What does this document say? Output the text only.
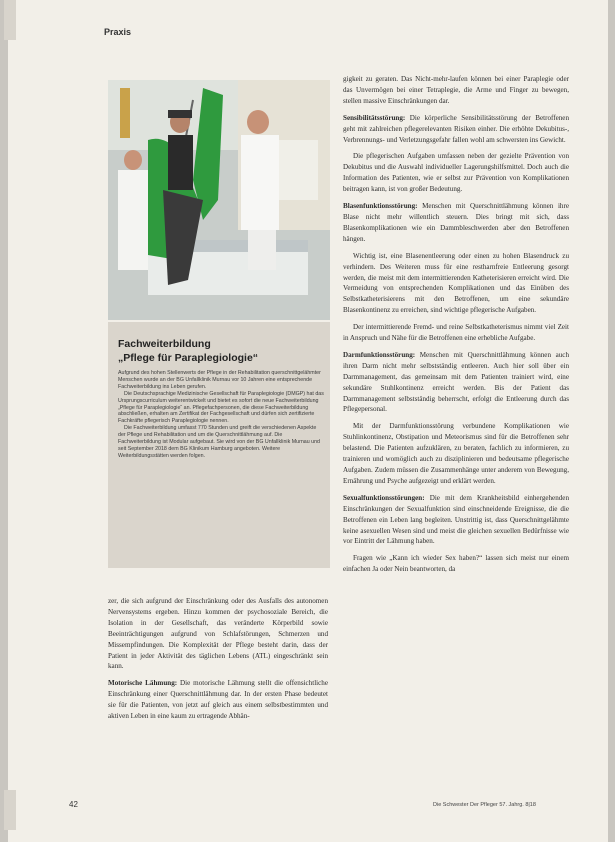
Praxis
Fachweiterbildung
„Pflege für Paraplegiologie“

Aufgrund des hohen Stellenwerts der Pflege in der Rehabilitation querschnittgelähmter Menschen wurde an der BG Unfallklinik Murnau vor 10 Jahren eine entsprechende Fachweiterbildung ins Leben gerufen.

Die Deutschsprachige Medizinische Gesellschaft für Paraplegiologie (DMGP) hat das Ursprungscurriculum weiterentwickelt und bietet es sofort die neue Fachweiterbildung „Pflege für Paraplegiologie“ an. Pflegefachpersonen, die diese Fachweiterbildung abschließen, erhalten am Zertifikat der Fachgesellschaft und dürfen sich zertifizierte Fachkräfte pflegerisch Paraplegiologie nennen.

Die Fachweiterbildung umfasst 770 Stunden und greift die verschiedenen Aspekte der Pflege und Rehabilitation und um die Querschnittlähmung auf. Die Fachweiterbildung ist Modular aufgebaut. Sie wird von der BG Unfallklinik Murnau und seit September 2018 dem BG Klinikum Hamburg angeboten. Weitere Weiterbildungsstätten werden folgen.

zer, die sich aufgrund der Einschränkung oder des Ausfalls des autonomen Nervensystems ergeben. Hinzu kommen der psychosoziale Bereich, die Isolation in der Gesellschaft, das veränderte Körperbild sowie Beeinträchtigungen aufgrund von Schlafstörungen, Schmerzen und Missempfindungen. Die Komplexität der Pflege besteht darin, dass der Patient in jeder Aktivität des täglichen Lebens (ATL) eingeschränkt sein kann.

Motorische Lähmung: Die motorische Lähmung stellt die offensichtliche Einschränkung einer Querschnittlähmung dar. In der ersten Phase bedeutet sie für die Patienten, von jetzt auf gleich aus einem selbstbestimmten und aktiven Leben in eine kaum zu ertragende Abhän-

gigkeit zu geraten. Das Nicht-mehr-laufen können bei einer Paraplegie oder das Unvermögen bei einer Tetraplegie, die Arme und Finger zu bewegen, stellen massive Einschränkungen dar.

Sensibilitätsstörung: Die körperliche Sensibilitätsstörung der Betroffenen geht mit zahlreichen pflegerelevanten Risiken einher. Die erhöhte Dekubitus-, Verbrennungs- und Verletzungsgefahr fallen wohl am schwersten ins Gewicht.

Die pflegerischen Aufgaben umfassen neben der gezielte Prävention von Dekubitus und die Auswahl individueller Lagerungshilfsmittel. Doch auch die Information des Patienten, wie er selbst zur Prävention von Komplikationen beitragen kann, ist von großer Bedeutung.

Blasenfunktionsstörung: Menschen mit Querschnittlähmung können ihre Blase nicht mehr willentlich steuern. Dies bringt mit sich, dass Blasenkomplikationen wie ein Dammbleschwerden aber den Betroffenen hängen.

Wichtig ist, eine Blasenentleerung oder einen zu hohen Blasendruck zu verhindern. Des Weiteren muss für eine restharnfreie Entleerung gesorgt werden, die meist mit dem intermittierenden Katheterisieren erreicht wird. Die Vermeidung von entsprechenden Komplikationen und das Einüben des Selbstkatheterisierens mit den Betroffenen, um eine sekundäre Blasenkontinenz zu erreichen, sind wichtige pflegerische Aufgaben.

Der intermittierende Fremd- und reine Selbstkatheterismus nimmt viel Zeit in Anspruch und Nähe für die Betroffenen eine erhebliche Aufgabe.

Darmfunktionsstörung: Menschen mit Querschnittlähmung können auch ihren Darm nicht mehr selbstständig entleeren. Auch hier soll über ein Darmmanagement, das gemeinsam mit dem Patienten trainiert wird, eine sekundäre Stuhlkontinenz erreicht werden. Bis der Patient das Darmmanagement selbstständig beherrscht, erfolgt die Entleerung durch das Pflegepersonal.

Mit der Darmfunktionsstörung verbundene Komplikationen wie Stuhlinkontinenz, Obstipation und Meteorismus sind für die Betroffenen sehr belastend. Die Patienten aufzuklären, zu beraten, fachlich zu informieren, zu trainieren und womöglich auch zu disziplinieren und bedeutsame pflegerische Aufgaben. Zudem müssen die Zusammenhänge unter anderem von Bewegung, Ernährung und Psyche aufgezeigt und erklärt werden.

Sexualfunktionsstörungen: Die mit dem Krankheitsbild einhergehenden Einschränkungen der Sexualfunktion sind einschneidende Ereignisse, die die Betroffenen ein Leben lang begleiten. Unstrittig ist, dass Querschnittgelähmte keine asexuellen Wesen sind und meist die gleichen sexuellen Bedürfnisse wie vor Eintritt der Lähmung haben.

Fragen wie „Kann ich wieder Sex haben?“ lassen sich meist nur einem einfachen Ja oder Nein beantworten, da

42	Die Schwester Der Pfleger 57. Jahrg. 8|18
